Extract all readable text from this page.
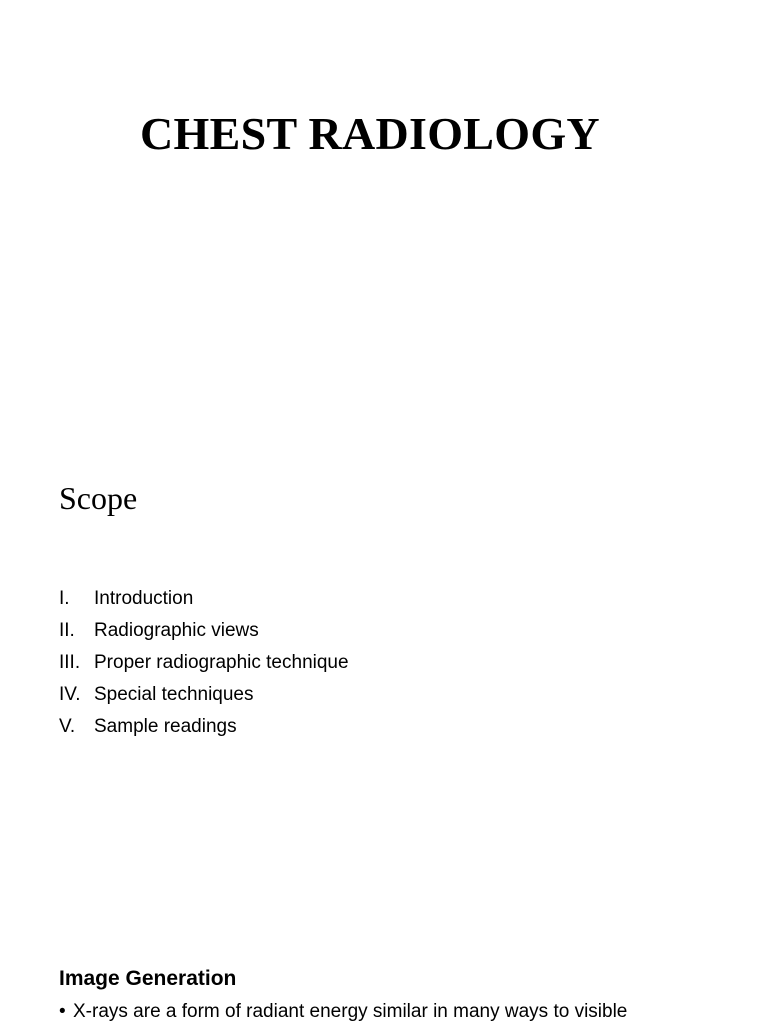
CHEST RADIOLOGY
Scope
I.	Introduction
II.	Radiographic views
III. Proper radiographic technique
IV. Special techniques
V. Sample readings
Image Generation
• X-rays are a form of radiant energy similar in many ways to visible
